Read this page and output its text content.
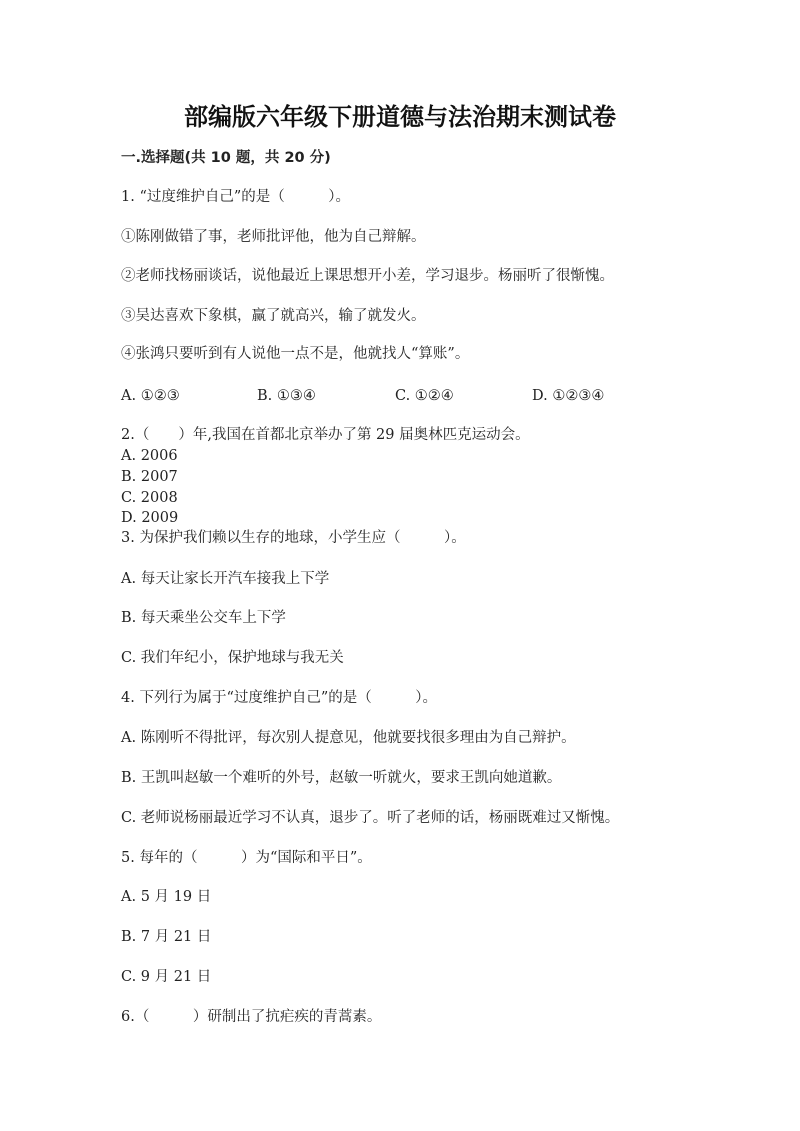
部编版六年级下册道德与法治期末测试卷
一.选择题(共 10 题，共 20 分)
1. “过度维护自己”的是（　　　）。
①陈刚做错了事，老师批评他，他为自己辩解。
②老师找杨丽谈话，说他最近上课思想开小差，学习退步。杨丽听了很惭愧。
③吴达喜欢下象棋，赢了就高兴，输了就发火。
④张鸿只要听到有人说他一点不是，他就找人“算账”。
A. ①②③	B. ①③④	C. ①②④	D. ①②③④
2.（　　）年,我国在首都北京举办了第 29 届奥林匹克运动会。
A. 2006
B. 2007
C. 2008
D. 2009
3. 为保护我们赖以生存的地球，小学生应（　　　）。
A. 每天让家长开汽车接我上下学
B. 每天乘坐公交车上下学
C. 我们年纪小，保护地球与我无关
4. 下列行为属于“过度维护自己”的是（　　　）。
A. 陈刚听不得批评，每次别人提意见，他就要找很多理由为自己辩护。
B. 王凯叫赵敏一个难听的外号，赵敏一听就火，要求王凯向她道歉。
C. 老师说杨丽最近学习不认真，退步了。听了老师的话，杨丽既难过又惭愧。
5. 每年的（　　　）为“国际和平日”。
A. 5 月 19 日
B. 7 月 21 日
C. 9 月 21 日
6.（　　　）研制出了抗疟疾的青蒿素。
